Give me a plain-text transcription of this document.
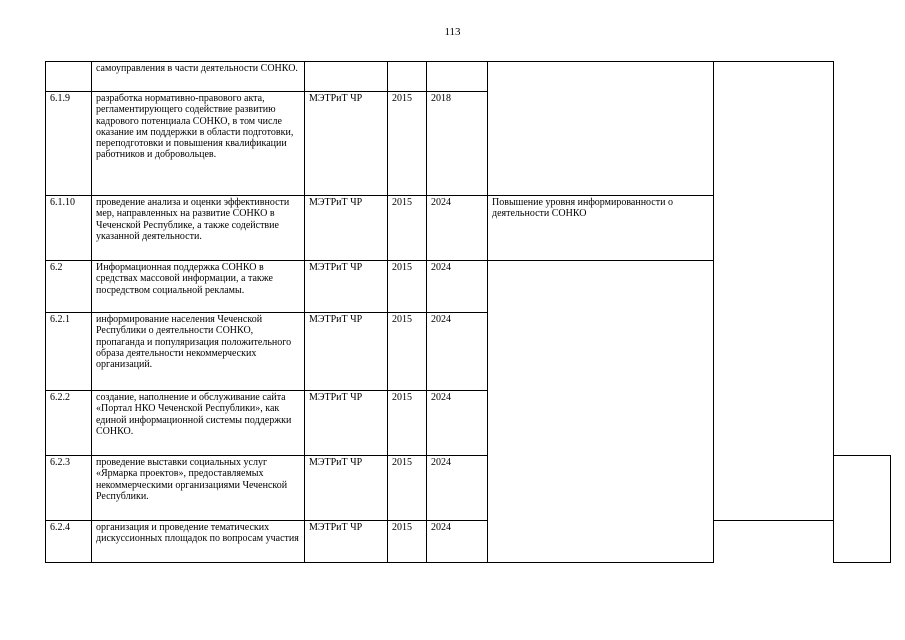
113
	самоуправления в части деятельности СОНКО.						
6.1.9	разработка нормативно-правового акта, регламентирующего содействие развитию кадрового потенциала СОНКО, в том числе оказание им поддержки в области подготовки, переподготовки и повышения квалификации работников и добровольцев.	МЭТРиТ ЧР	2015	2018			
6.1.10	проведение анализа и оценки эффективности мер, направленных на развитие СОНКО в Чеченской Республике, а также содействие указанной деятельности.	МЭТРиТ ЧР	2015	2024	Повышение уровня информированности о деятельности СОНКО		
6.2	Информационная поддержка СОНКО в средствах массовой информации, а также посредством социальной рекламы.	МЭТРиТ ЧР	2015	2024			
6.2.1	информирование населения Чеченской Республики о деятельности СОНКО, пропаганда и популяризация положительного образа деятельности некоммерческих организаций.	МЭТРиТ ЧР	2015	2024			
6.2.2	создание, наполнение и обслуживание сайта «Портал НКО Чеченской Республики», как единой информационной системы поддержки СОНКО.	МЭТРиТ ЧР	2015	2024			
6.2.3	проведение выставки социальных услуг «Ярмарка проектов», предоставляемых некоммерческими организациями Чеченской Республики.	МЭТРиТ ЧР	2015	2024			
6.2.4	организация и проведение тематических дискуссионных площадок по вопросам участия	МЭТРиТ ЧР	2015	2024			
